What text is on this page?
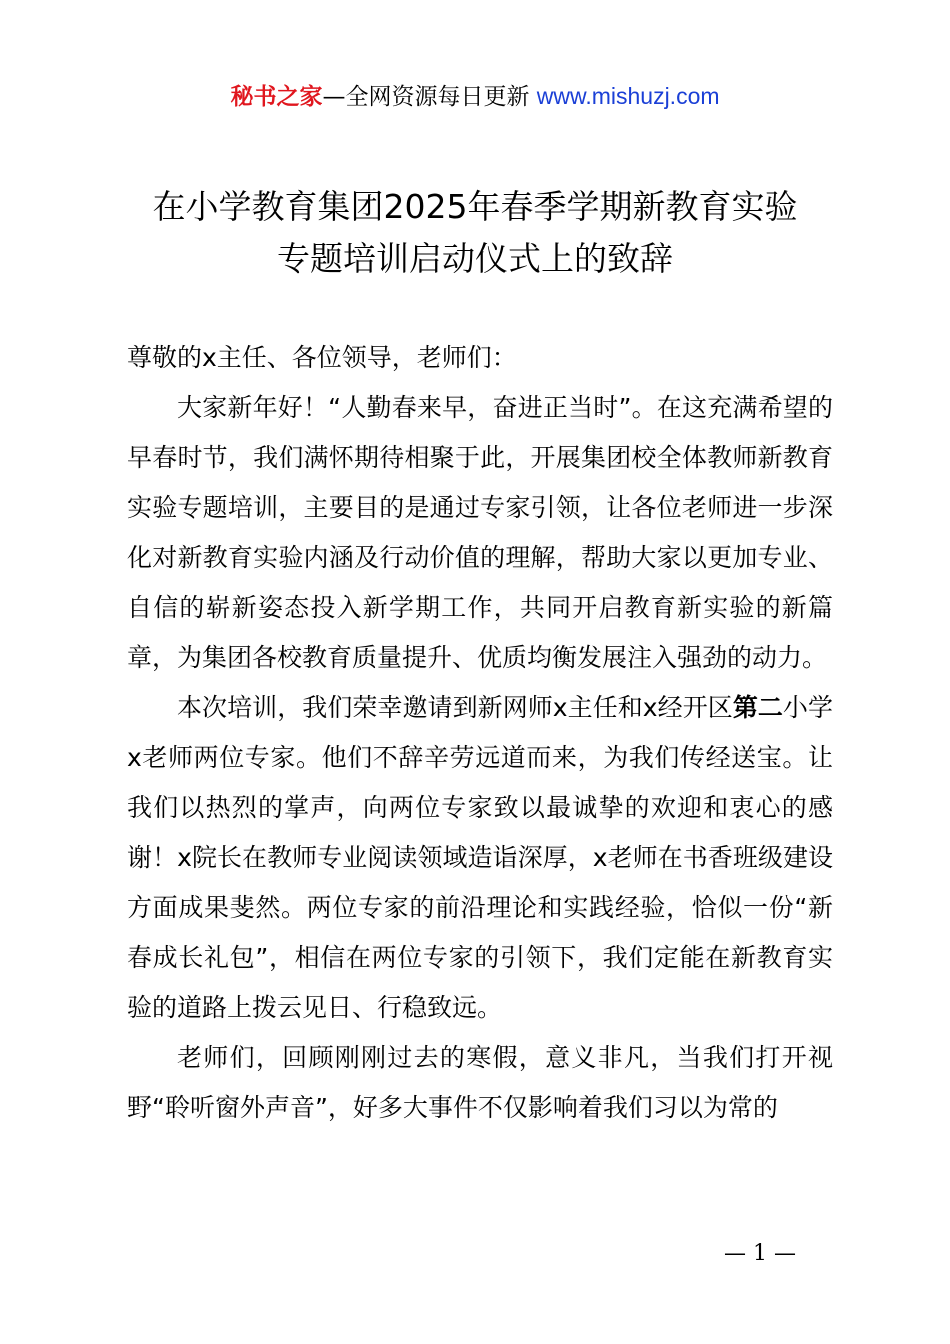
秘书之家—全网资源每日更新 www.mishuzj.com
在小学教育集团2025年春季学期新教育实验
专题培训启动仪式上的致辞

尊敬的x主任、各位领导，老师们：

大家新年好！“人勤春来早，奋进正当时”。在这充满希望的早春时节，我们满怀期待相聚于此，开展集团校全体教师新教育实验专题培训，主要目的是通过专家引领，让各位老师进一步深化对新教育实验内涵及行动价值的理解，帮助大家以更加专业、自信的崭新姿态投入新学期工作，共同开启教育新实验的新篇章，为集团各校教育质量提升、优质均衡发展注入强劲的动力。

本次培训，我们荣幸邀请到新网师x主任和x经开区第二小学x老师两位专家。他们不辞辛劳远道而来，为我们传经送宝。让我们以热烈的掌声，向两位专家致以最诚挚的欢迎和衷心的感谢！x院长在教师专业阅读领域造诣深厚，x老师在书香班级建设方面成果斐然。两位专家的前沿理论和实践经验，恰似一份“新春成长礼包”，相信在两位专家的引领下，我们定能在新教育实验的道路上拨云见日、行稳致远。

老师们，回顾刚刚过去的寒假，意义非凡，当我们打开视野“聆听窗外声音”，好多大事件不仅影响着我们习以为常的

— 1 —
